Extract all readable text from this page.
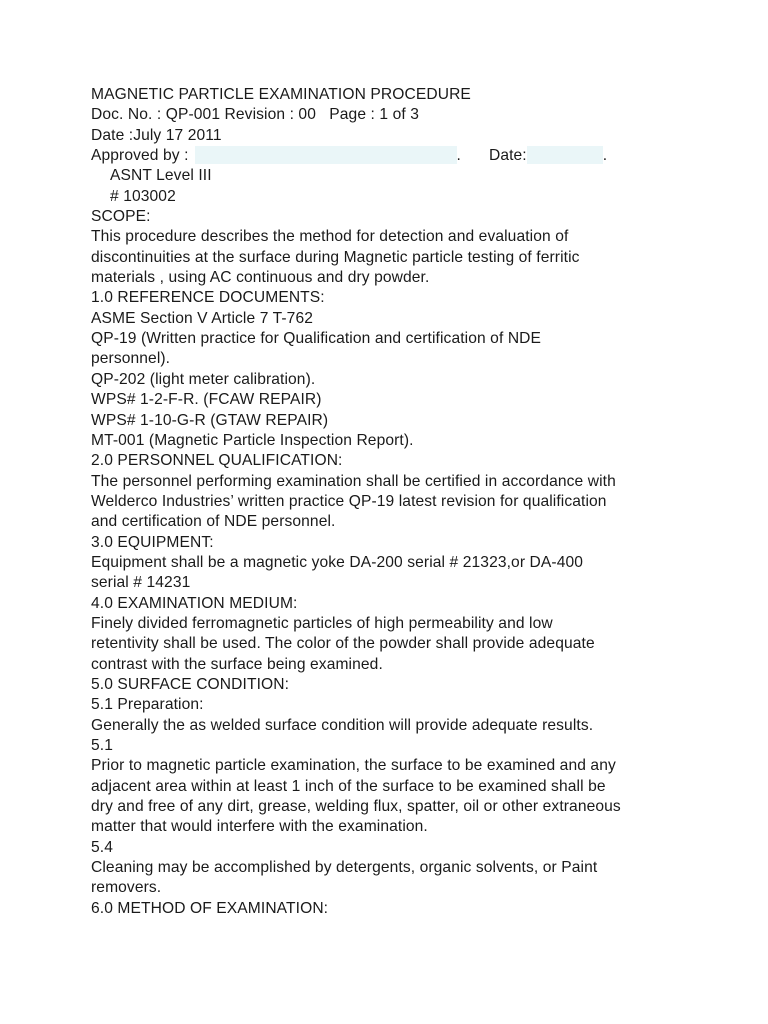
MAGNETIC PARTICLE EXAMINATION PROCEDURE
Doc. No. : QP-001 Revision : 00   Page : 1 of 3
Date :July 17 2011
Approved by :	. Date:	.
ASNT Level III
# 103002
SCOPE:
This procedure describes the method for detection and evaluation of
discontinuities at the surface during Magnetic particle testing of ferritic
materials , using AC continuous and dry powder.
1.0 REFERENCE DOCUMENTS:
ASME Section V Article 7 T-762
QP-19 (Written practice for Qualification and certification of NDE
personnel).
QP-202 (light meter calibration).
WPS# 1-2-F-R. (FCAW REPAIR)
WPS# 1-10-G-R (GTAW REPAIR)
MT-001 (Magnetic Particle Inspection Report).
2.0 PERSONNEL QUALIFICATION:
The personnel performing examination shall be certified in accordance with
Welderco Industries’ written practice QP-19 latest revision for qualification
and certification of NDE personnel.
3.0 EQUIPMENT:
Equipment shall be a magnetic yoke DA-200 serial # 21323,or DA-400
serial # 14231
4.0 EXAMINATION MEDIUM:
Finely divided ferromagnetic particles of high permeability and low
retentivity shall be used. The color of the powder shall provide adequate
contrast with the surface being examined.
5.0 SURFACE CONDITION:
5.1 Preparation:
Generally the as welded surface condition will provide adequate results.
5.1
Prior to magnetic particle examination, the surface to be examined and any
adjacent area within at least 1 inch of the surface to be examined shall be
dry and free of any dirt, grease, welding flux, spatter, oil or other extraneous
matter that would interfere with the examination.
5.4
Cleaning may be accomplished by detergents, organic solvents, or Paint
removers.
6.0 METHOD OF EXAMINATION:
